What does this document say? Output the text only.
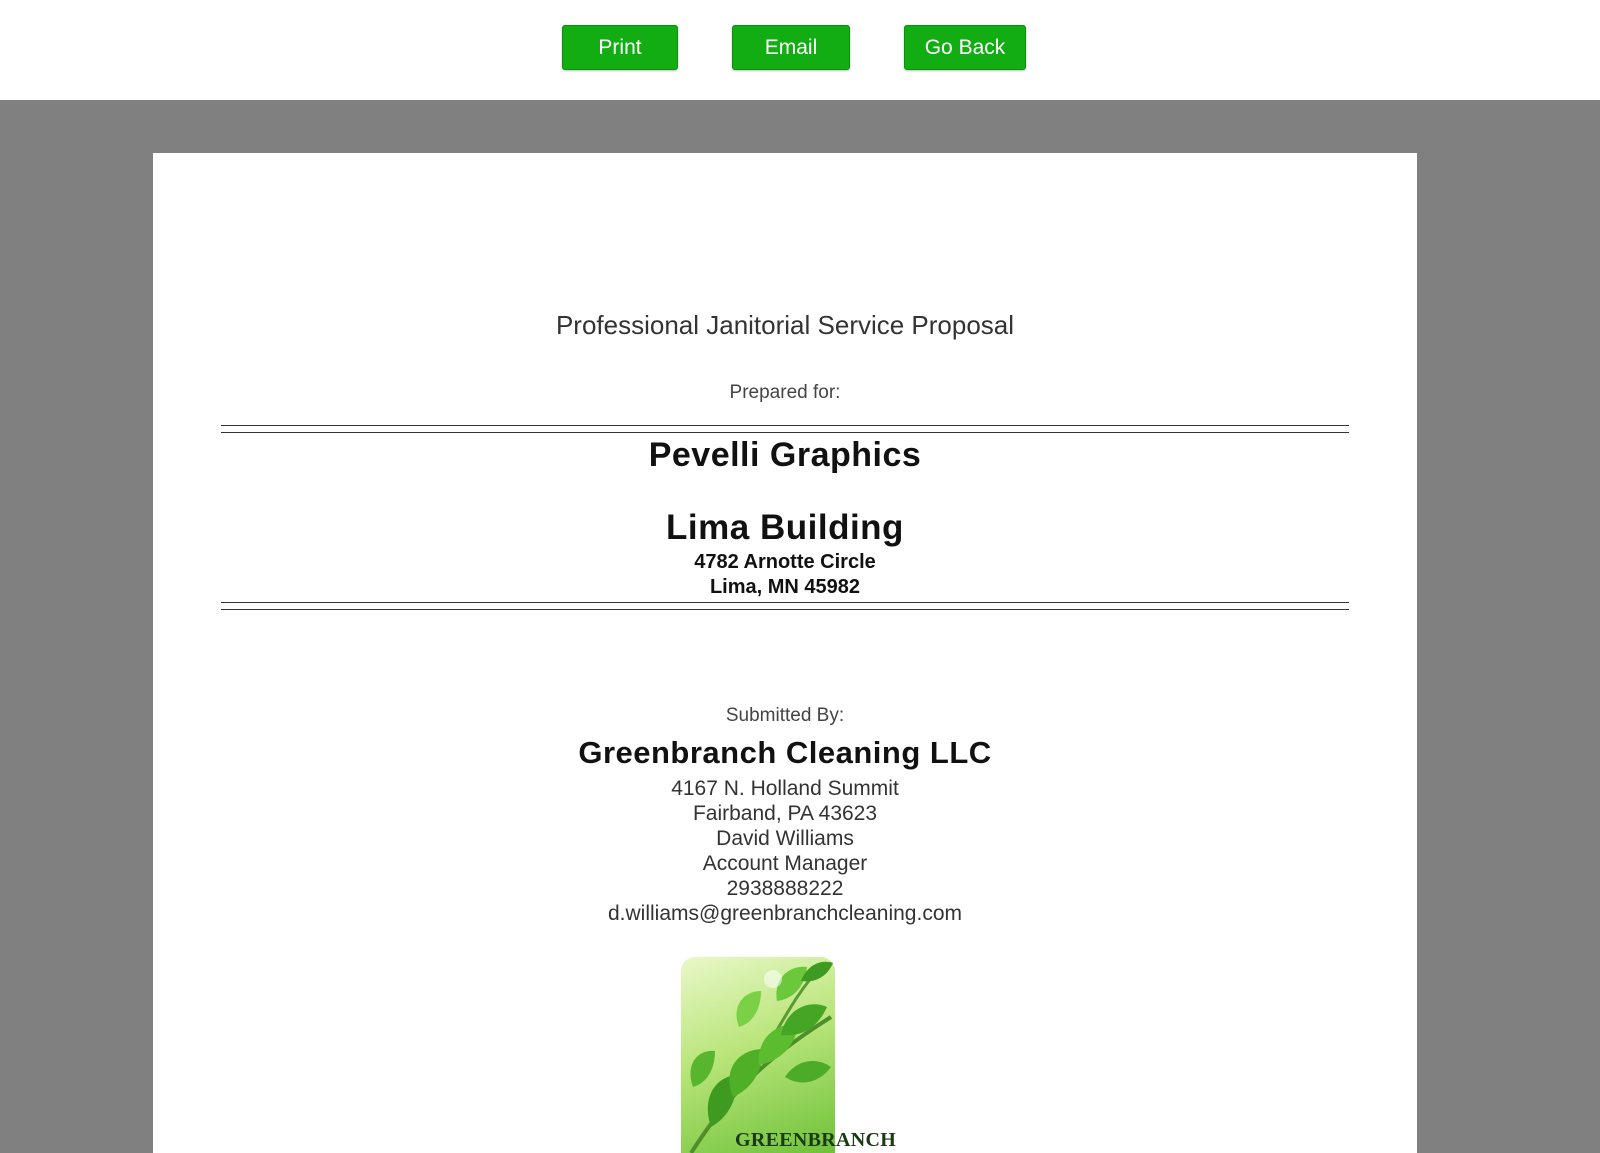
Print	Email	Go Back
Professional Janitorial Service Proposal
Prepared for:
Pevelli Graphics
Lima Building
4782 Arnotte Circle
Lima, MN 45982
Submitted By:
Greenbranch Cleaning LLC
4167 N. Holland Summit
Fairband, PA 43623
David Williams
Account Manager
2938888222
d.williams@greenbranchcleaning.com
GREENBRANCH
